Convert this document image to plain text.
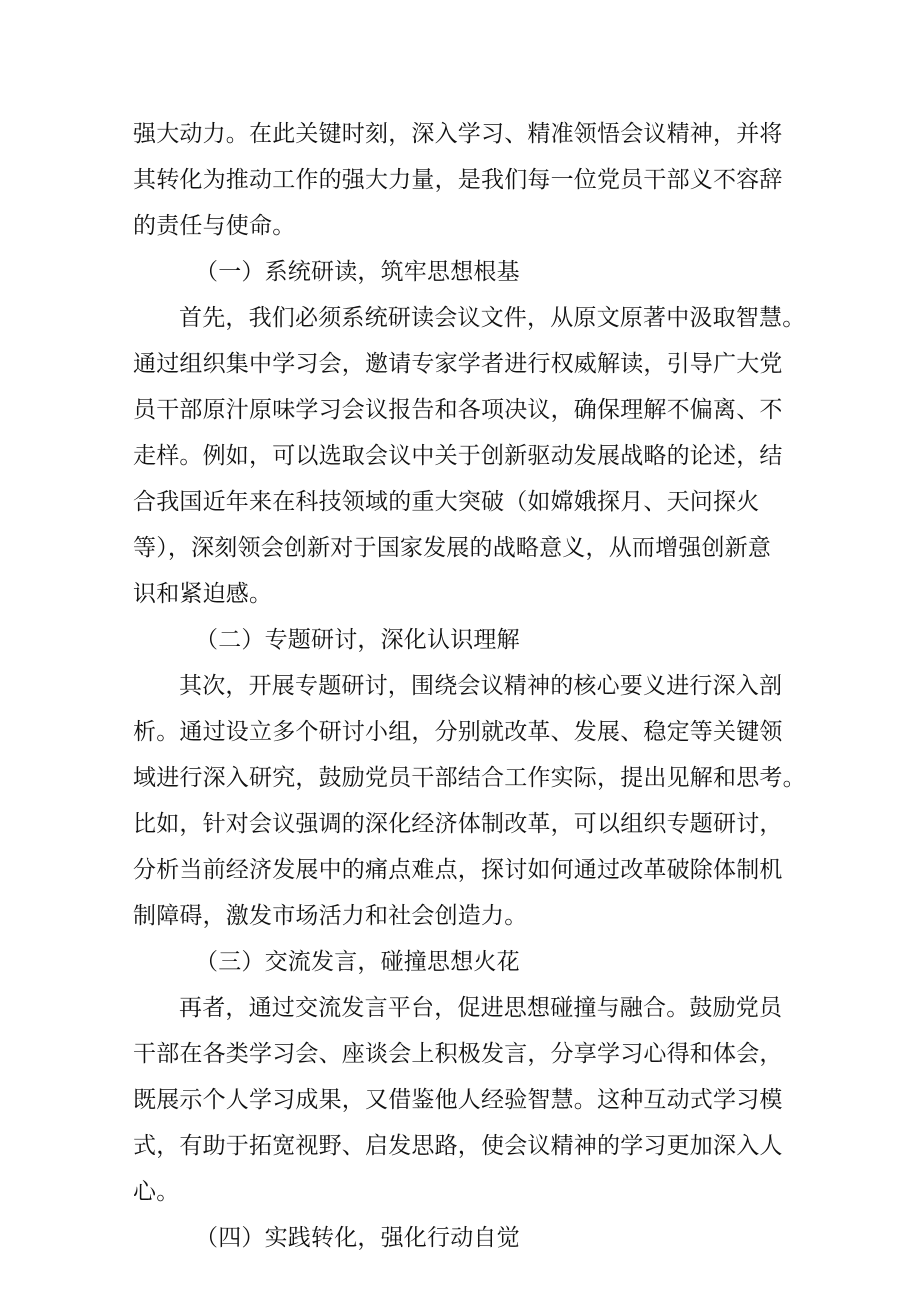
强大动力。在此关键时刻，深入学习、精准领悟会议精神，并将
其转化为推动工作的强大力量，是我们每一位党员干部义不容辞
的责任与使命。
（一）系统研读，筑牢思想根基
首先，我们必须系统研读会议文件，从原文原著中汲取智慧。
通过组织集中学习会，邀请专家学者进行权威解读，引导广大党
员干部原汁原味学习会议报告和各项决议，确保理解不偏离、不
走样。例如，可以选取会议中关于创新驱动发展战略的论述，结
合我国近年来在科技领域的重大突破（如嫦娥探月、天问探火
等），深刻领会创新对于国家发展的战略意义，从而增强创新意
识和紧迫感。
（二）专题研讨，深化认识理解
其次，开展专题研讨，围绕会议精神的核心要义进行深入剖
析。通过设立多个研讨小组，分别就改革、发展、稳定等关键领
域进行深入研究，鼓励党员干部结合工作实际，提出见解和思考。
比如，针对会议强调的深化经济体制改革，可以组织专题研讨，
分析当前经济发展中的痛点难点，探讨如何通过改革破除体制机
制障碍，激发市场活力和社会创造力。
（三）交流发言，碰撞思想火花
再者，通过交流发言平台，促进思想碰撞与融合。鼓励党员
干部在各类学习会、座谈会上积极发言，分享学习心得和体会，
既展示个人学习成果，又借鉴他人经验智慧。这种互动式学习模
式，有助于拓宽视野、启发思路，使会议精神的学习更加深入人
心。
（四）实践转化，强化行动自觉
